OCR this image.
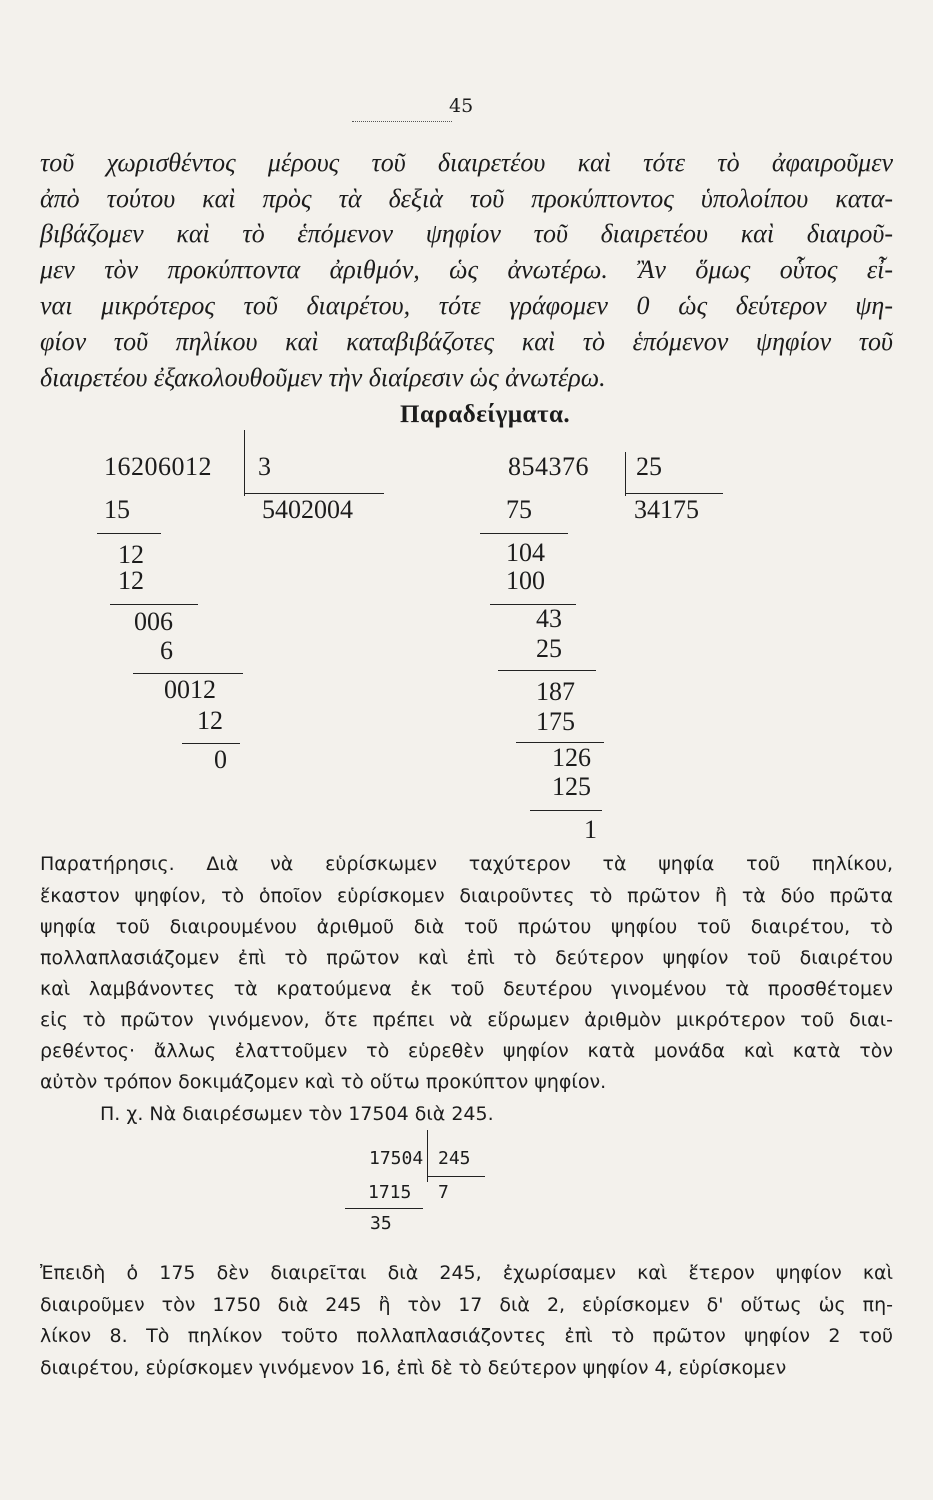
45
τοῦ χωρισθέντος μέρους τοῦ διαιρετέου καὶ τότε τὸ ἀφαιροῦμεν
ἀπὸ τούτου καὶ πρὸς τὰ δεξιὰ τοῦ προκύπτοντος ὑπολοίπου κατα-
βιβάζομεν καὶ τὸ ἑπόμενον ψηφίον τοῦ διαιρετέου καὶ διαιροῦ-
μεν τὸν προκύπτοντα ἀριθμόν, ὡς ἀνωτέρω. Ἂν ὅμως οὗτος εἶ-
ναι μικρότερος τοῦ διαιρέτου, τότε γράφομεν 0 ὡς δεύτερον ψη-
φίον τοῦ πηλίκου καὶ καταβιβάζοτες καὶ τὸ ἑπόμενον ψηφίον τοῦ
διαιρετέου ἐξακολουθοῦμεν τὴν διαίρεσιν ὡς ἀνωτέρω.
Παραδείγματα.
16206012 3
5402004
15
12
12
006
6
0012
12
0
854376 25
34175
75
104
100
43
25
187
175
126
125
1
Παρατήρησις. Διὰ νὰ εὑρίσκωμεν ταχύτερον τὰ ψηφία τοῦ πηλίκου,
ἕκαστον ψηφίον, τὸ ὁποῖον εὑρίσκομεν διαιροῦντες τὸ πρῶτον ἢ τὰ δύο πρῶτα
ψηφία τοῦ διαιρουμένου ἀριθμοῦ διὰ τοῦ πρώτου ψηφίου τοῦ διαιρέτου, τὸ
πολλαπλασιάζομεν ἐπὶ τὸ πρῶτον καὶ ἐπὶ τὸ δεύτερον ψηφίον τοῦ διαιρέτου
καὶ λαμβάνοντες τὰ κρατούμενα ἐκ τοῦ δευτέρου γινομένου τὰ προσθέτομεν
εἰς τὸ πρῶτον γινόμενον, ὅτε πρέπει νὰ εὕρωμεν ἀριθμὸν μικρότερον τοῦ διαι-
ρεθέντος· ἄλλως ἐλαττοῦμεν τὸ εὑρεθὲν ψηφίον κατὰ μονάδα καὶ κατὰ τὸν
αὐτὸν τρόπον δοκιμάζομεν καὶ τὸ οὕτω προκύπτον ψηφίον.
Π. χ. Νὰ διαιρέσωμεν τὸν 17504 διὰ 245.
17504 245
1715 7
35
Ἐπειδὴ ὁ 175 δὲν διαιρεῖται διὰ 245, ἐχωρίσαμεν καὶ ἕτερον ψηφίον καὶ
διαιροῦμεν τὸν 1750 διὰ 245 ἢ τὸν 17 διὰ 2, εὑρίσκομεν δ' οὕτως ὡς πη-
λίκον 8. Τὸ πηλίκον τοῦτο πολλαπλασιάζοντες ἐπὶ τὸ πρῶτον ψηφίον 2 τοῦ
διαιρέτου, εὑρίσκομεν γινόμενον 16, ἐπὶ δὲ τὸ δεύτερον ψηφίον 4, εὑρίσκομεν
